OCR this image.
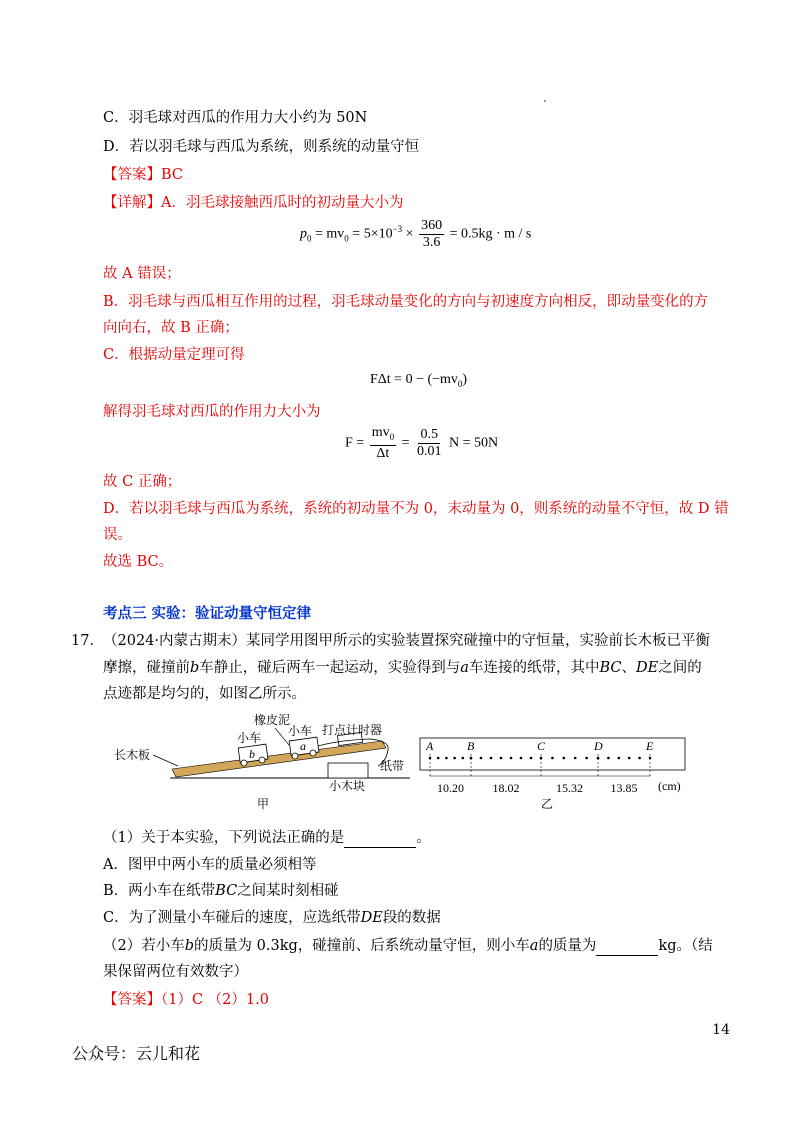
C．羽毛球对西瓜的作用力大小约为 50N
D．若以羽毛球与西瓜为系统，则系统的动量守恒
【答案】BC
【详解】A．羽毛球接触西瓜时的初动量大小为
$p_0 = mv_0 = 5\times 10^{-3} \times \frac{360}{3.6} = 0.5kg \cdot m / s$
故 A 错误；
B．羽毛球与西瓜相互作用的过程，羽毛球动量变化的方向与初速度方向相反，即动量变化的方
向向右，故 B 正确；
C．根据动量定理可得
$F\Delta t = 0 - (-mv_0)$
解得羽毛球对西瓜的作用力大小为
$F = \frac{mv_0}{\Delta t} = \frac{0.5}{0.01}$ N = 50N
故 C 正确；
D．若以羽毛球与西瓜为系统，系统的初动量不为 0，末动量为 0，则系统的动量不守恒，故 D 错
误。
故选 BC。
考点三 实验：验证动量守恒定律
17． （2024·内蒙古期末）某同学用图甲所示的实验装置探究碰撞中的守恒量，实验前长木板已平衡
摩擦，碰撞前b车静止，碰后两车一起运动，实验得到与a车连接的纸带，其中BC、DE之间的
点迹都是均匀的，如图乙所示。
长木板	b
小车
a
小车
橡皮泥
打点计时器
纸带
小木块
甲
A	B	C	D	E
10.20 18.02	15.32 13.85 (cm)
乙
（1）关于本实验，下列说法正确的是	。
A．图甲中两小车的质量必须相等
B．两小车在纸带BC之间某时刻相碰
C．为了测量小车碰后的速度，应选纸带DE段的数据
（2）若小车b的质量为 0.3kg，碰撞前、后系统动量守恒，则小车a的质量为	kg。（结
果保留两位有效数字）
【答案】（1）C （2）1.0
14
公众号：云儿和花
